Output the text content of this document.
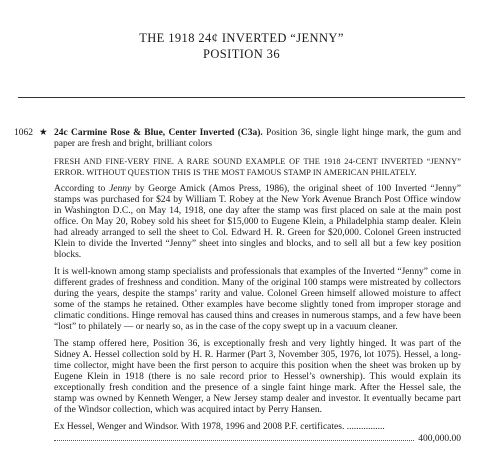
THE 1918 24¢ INVERTED “JENNY”
POSITION 36
1062 ★ 24c Carmine Rose & Blue, Center Inverted (C3a). Position 36, single light hinge mark, the gum and paper are fresh and bright, brilliant colors

FRESH AND FINE-VERY FINE. A RARE SOUND EXAMPLE OF THE 1918 24-CENT INVERTED “JENNY” ERROR. WITHOUT QUESTION THIS IS THE MOST FAMOUS STAMP IN AMERICAN PHILATELY.

According to Jenny by George Amick (Amos Press, 1986), the original sheet of 100 Inverted “Jenny” stamps was purchased for $24 by William T. Robey at the New York Avenue Branch Post Office window in Washington D.C., on May 14, 1918, one day after the stamp was first placed on sale at the main post office. On May 20, Robey sold his sheet for $15,000 to Eugene Klein, a Philadelphia stamp dealer. Klein had already arranged to sell the sheet to Col. Edward H. R. Green for $20,000. Colonel Green instructed Klein to divide the Inverted “Jenny” sheet into singles and blocks, and to sell all but a few key position blocks.

It is well-known among stamp specialists and professionals that examples of the Inverted “Jenny” come in different grades of freshness and condition. Many of the original 100 stamps were mistreated by collectors during the years, despite the stamps’ rarity and value. Colonel Green himself allowed moisture to affect some of the stamps he retained. Other examples have become slightly toned from improper storage and climatic conditions. Hinge removal has caused thins and creases in numerous stamps, and a few have been “lost” to philately — or nearly so, as in the case of the copy swept up in a vacuum cleaner.

The stamp offered here, Position 36, is exceptionally fresh and very lightly hinged. It was part of the Sidney A. Hessel collection sold by H. R. Harmer (Part 3, November 305, 1976, lot 1075). Hessel, a long-time collector, might have been the first person to acquire this position when the sheet was broken up by Eugene Klein in 1918 (there is no sale record prior to Hessel’s ownership). This would explain its exceptionally fresh condition and the presence of a single faint hinge mark. After the Hessel sale, the stamp was owned by Kenneth Wenger, a New Jersey stamp dealer and investor. It eventually became part of the Windsor collection, which was acquired intact by Perry Hansen.

Ex Hessel, Wenger and Windsor. With 1978, 1996 and 2008 P.F. certificates. ................

400,000.00
